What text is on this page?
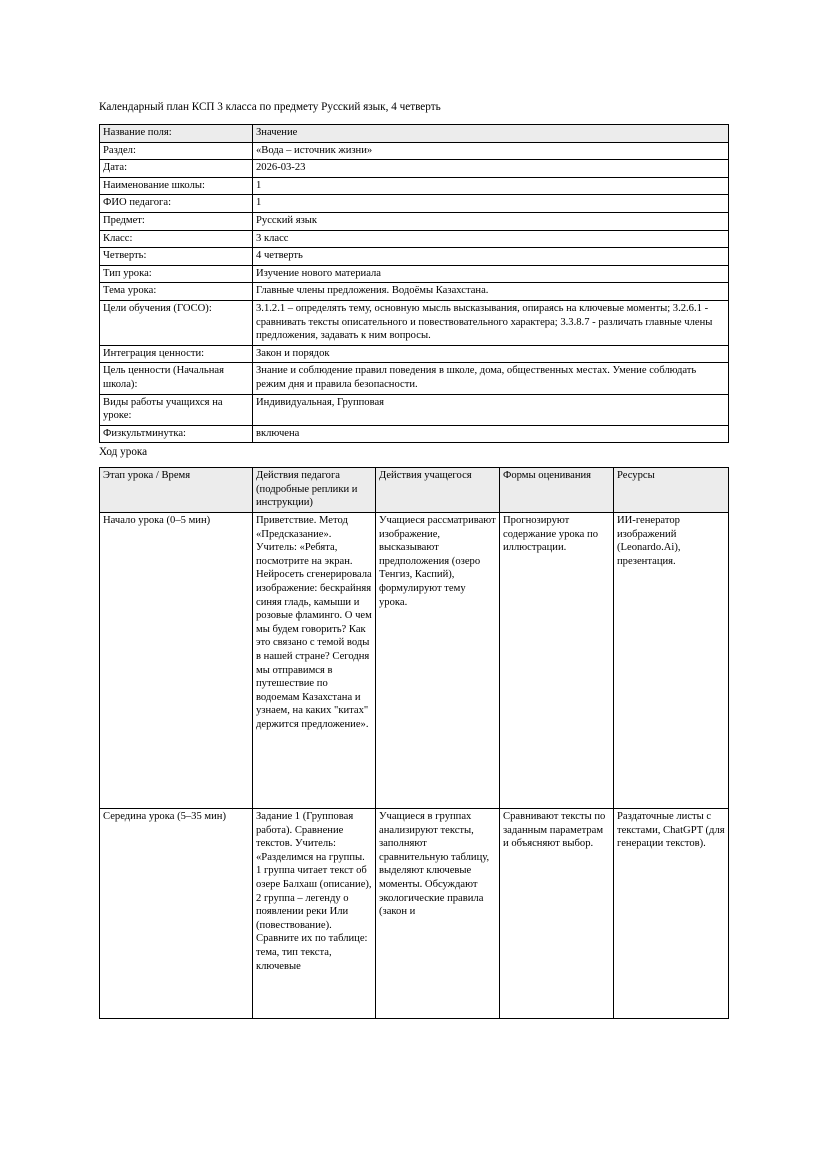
Календарный план КСП 3 класса по предмету Русский язык, 4 четверть

Название поля:	Значение
Раздел:	«Вода – источник жизни»
Дата:	2026-03-23
Наименование школы:	1
ФИО педагога:	1
Предмет:	Русский язык
Класс:	3 класс
Четверть:	4 четверть
Тип урока:	Изучение нового материала
Тема урока:	Главные члены предложения. Водоёмы Казахстана.
Цели обучения (ГОСО):	3.1.2.1 – определять тему, основную мысль высказывания, опираясь на ключевые моменты; 3.2.6.1 - сравнивать тексты описательного и повествовательного характера; 3.3.8.7 - различать главные члены предложения, задавать к ним вопросы.
Интеграция ценности:	Закон и порядок
Цель ценности (Начальная школа):	Знание и соблюдение правил поведения в школе, дома, общественных местах. Умение соблюдать режим дня и правила безопасности.
Виды работы учащихся на уроке:	Индивидуальная, Групповая
Физкультминутка:	включена

Ход урока

Этап урока / Время	Действия педагога (подробные реплики и инструкции)	Действия учащегося	Формы оценивания	Ресурсы
Начало урока (0–5 мин)	Приветствие. Метод «Предсказание». Учитель: «Ребята, посмотрите на экран. Нейросеть сгенерировала изображение: бескрайняя синяя гладь, камыши и розовые фламинго. О чем мы будем говорить? Как это связано с темой воды в нашей стране? Сегодня мы отправимся в путешествие по водоемам Казахстана и узнаем, на каких "китах" держится предложение».	Учащиеся рассматривают изображение, высказывают предположения (озеро Тенгиз, Каспий), формулируют тему урока.	Прогнозируют содержание урока по иллюстрации.	ИИ-генератор изображений (Leonardo.Ai), презентация.
Середина урока (5–35 мин)	Задание 1 (Групповая работа). Сравнение текстов. Учитель: «Разделимся на группы. 1 группа читает текст об озере Балхаш (описание), 2 группа – легенду о появлении реки Или (повествование). Сравните их по таблице: тема, тип текста, ключевые	Учащиеся в группах анализируют тексты, заполняют сравнительную таблицу, выделяют ключевые моменты. Обсуждают экологические правила (закон и	Сравнивают тексты по заданным параметрам и объясняют выбор.	Раздаточные листы с текстами, ChatGPT (для генерации текстов).
